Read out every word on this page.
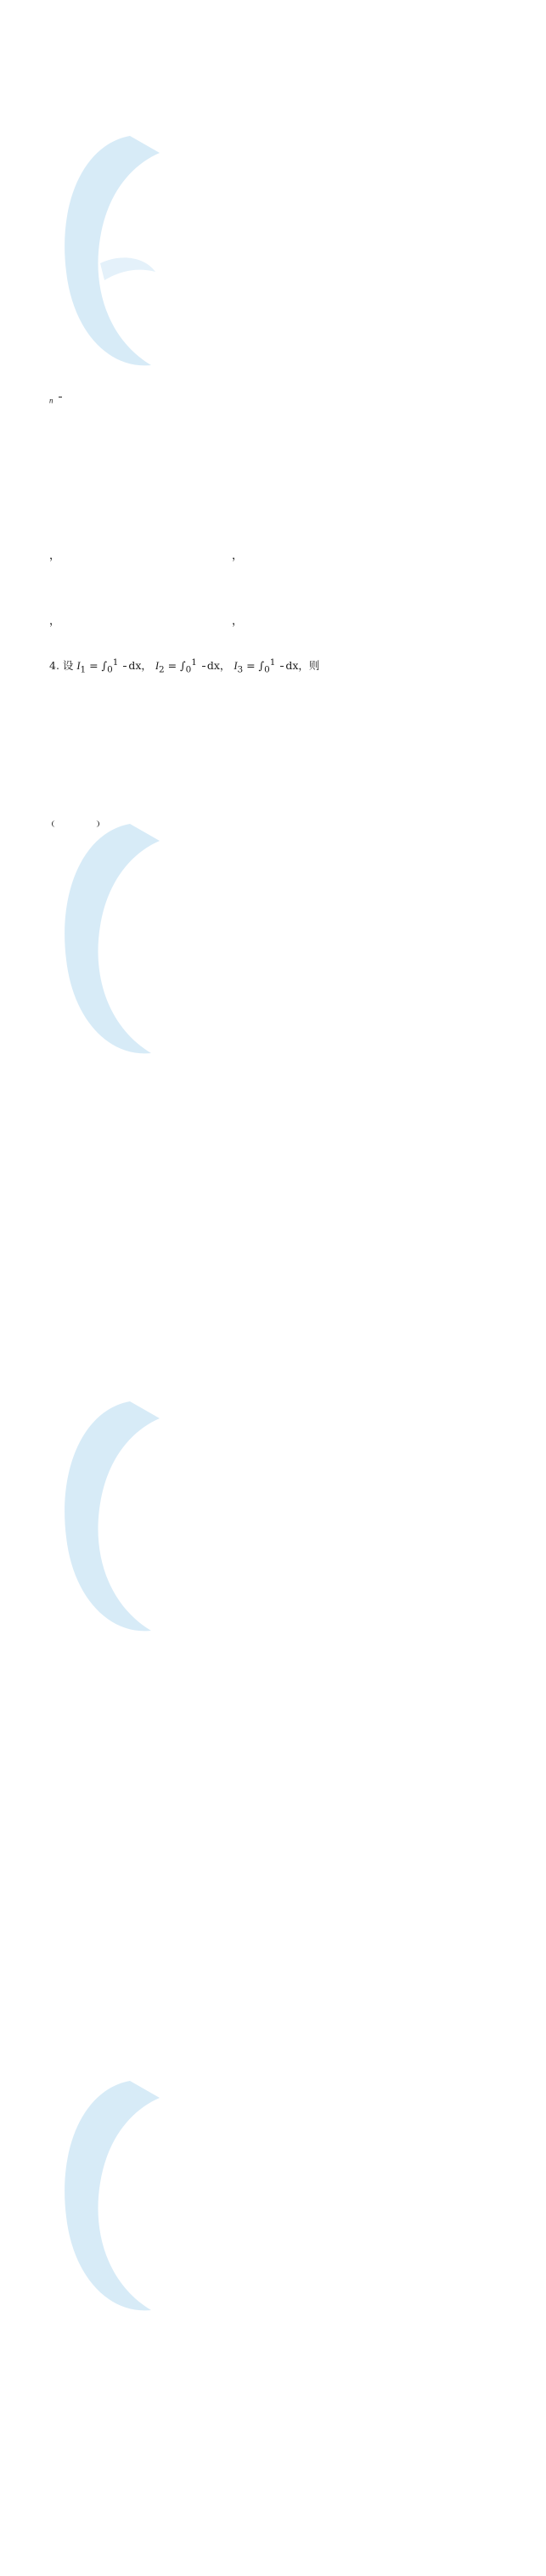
$_n$

，	，
，	，
4. 设 $I_1 = \int_0^1$ dx， $I_2 = \int_0^1$ dx， $I_3 = \int_0^1$ dx，则
